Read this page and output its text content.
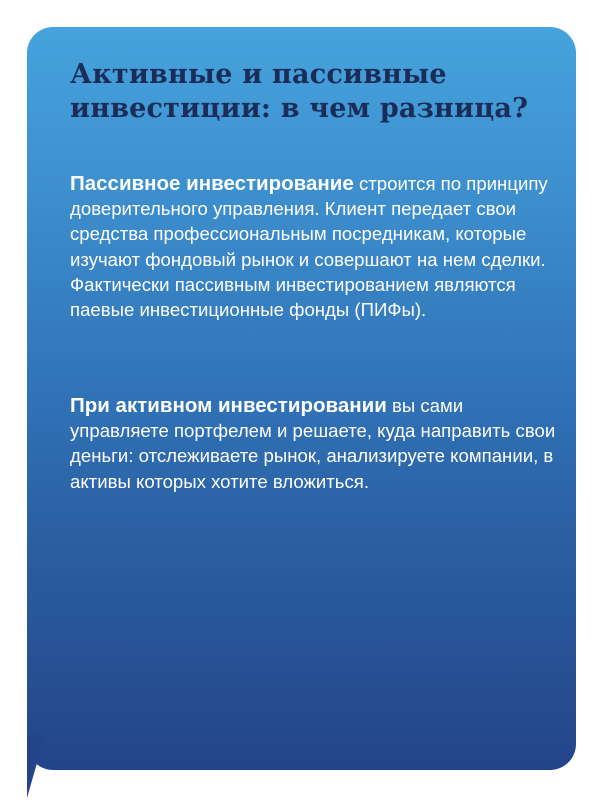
Активные и пассивные инвестиции: в чем разница?

Пассивное инвестирование строится по принципу доверительного управления. Клиент передает свои средства профессиональным посредникам, которые изучают фондовый рынок и совершают на нем сделки. Фактически пассивным инвестированием являются паевые инвестиционные фонды (ПИФы).

При активном инвестировании вы сами управляете портфелем и решаете, куда направить свои деньги: отслеживаете рынок, анализируете компании, в активы которых хотите вложиться.
